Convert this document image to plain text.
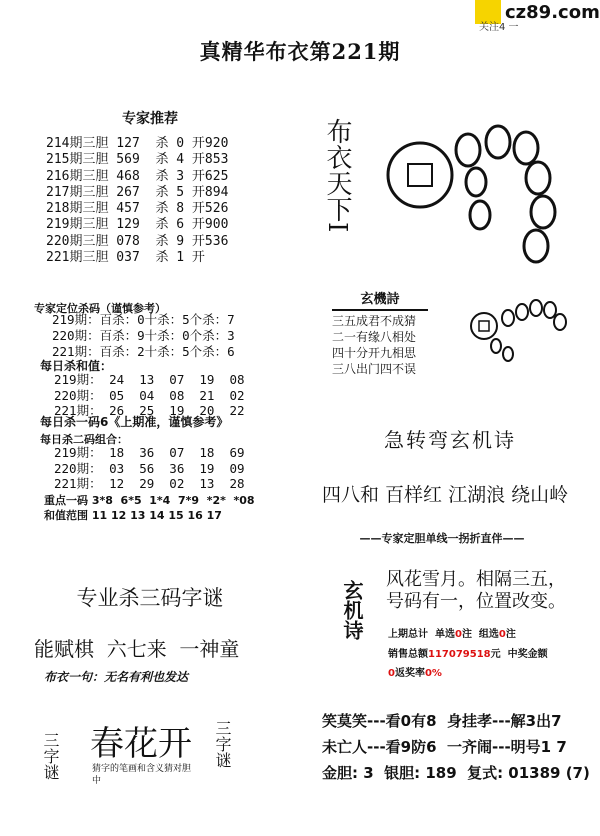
cz89.com
关注4 一
真精华布衣第221期
专家推荐
214期三胆 127  杀 0 开920
215期三胆 569  杀 4 开853
216期三胆 468  杀 3 开625
217期三胆 267  杀 5 开894
218期三胆 457  杀 8 开526
219期三胆 129  杀 6 开900
220期三胆 078  杀 9 开536
221期三胆 037  杀 1 开
专家定位杀码（谨慎参考）
219期：百杀：0十杀：5个杀：7
220期：百杀：9十杀：0个杀：3
221期：百杀：2十杀：5个杀：6
每日杀和值：
219期： 24  13  07  19  08
220期： 05  04  08  21  02
221期： 26  25  19  20  22
每日杀一码6《上期准，谨慎参考》
每日杀二码组合：
219期： 18  36  07  18  69
220期： 03  56  36  19  09
221期： 12  29  02  13  28
重点一码 3*8  6*5  1*4  7*9  *2*  *08
和值范围 11 12 13 14 15 16 17
专业杀三码字谜
能赋棋  六七来  一神童
布衣一句：无名有利也发达
三字谜 春花开
猜字的笔画和含义猜对胆中
三字谜
布衣天下I
玄機詩
三五成君不成猜
二一有缘八相处
四十分开九相思
三八出门四不误
急转弯玄机诗
四八和 百样红 江湖浪 绕山岭
——专家定胆单线一拐折直伴——
玄机诗
风花雪月。相隔三五，
号码有一，位置改变。
上期总计  单选0注  组选0注
销售总额117079518元  中奖金额
0返奖率0%
笑莫笑---看0有8  身挂孝---解3出7
未亡人---看9防6  一齐闹---明号1 7
金胆: 3  银胆: 189  复式: 01389 (7)
